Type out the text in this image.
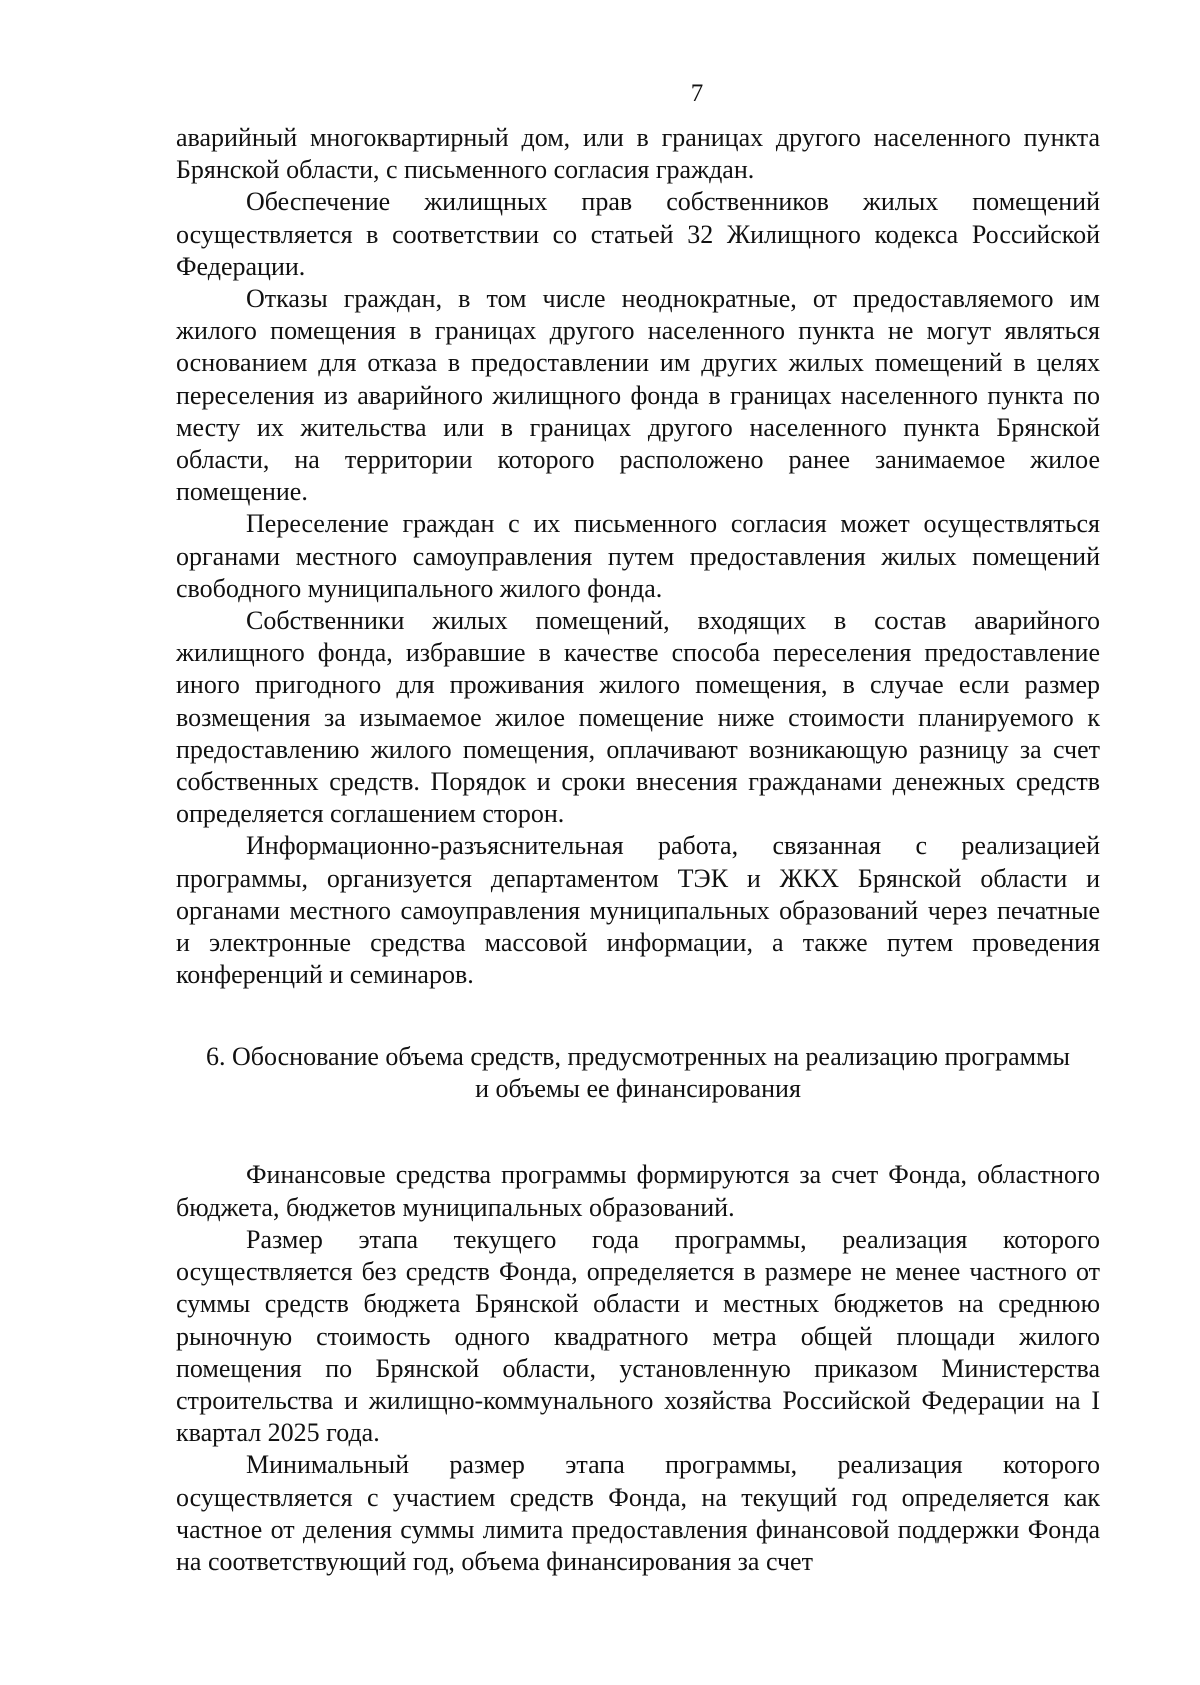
7

аварийный многоквартирный дом, или в границах другого населенного пункта Брянской области, с письменного согласия граждан.

Обеспечение жилищных прав собственников жилых помещений осуществляется в соответствии со статьей 32 Жилищного кодекса Российской Федерации.

Отказы граждан, в том числе неоднократные, от предоставляемого им жилого помещения в границах другого населенного пункта не могут являться основанием для отказа в предоставлении им других жилых помещений в целях переселения из аварийного жилищного фонда в границах населенного пункта по месту их жительства или в границах другого населенного пункта Брянской области, на территории которого расположено ранее занимаемое жилое помещение.

Переселение граждан с их письменного согласия может осуществляться органами местного самоуправления путем предоставления жилых помещений свободного муниципального жилого фонда.

Собственники жилых помещений, входящих в состав аварийного жилищного фонда, избравшие в качестве способа переселения предоставление иного пригодного для проживания жилого помещения, в случае если размер возмещения за изымаемое жилое помещение ниже стоимости планируемого к предоставлению жилого помещения, оплачивают возникающую разницу за счет собственных средств. Порядок и сроки внесения гражданами денежных средств определяется соглашением сторон.

Информационно-разъяснительная работа, связанная с реализацией программы, организуется департаментом ТЭК и ЖКХ Брянской области и органами местного самоуправления муниципальных образований через печатные и электронные средства массовой информации, а также путем проведения конференций и семинаров.

6. Обоснование объема средств, предусмотренных на реализацию программы
и объемы ее финансирования

Финансовые средства программы формируются за счет Фонда, областного бюджета, бюджетов муниципальных образований.

Размер этапа текущего года программы, реализация которого осуществляется без средств Фонда, определяется в размере не менее частного от суммы средств бюджета Брянской области и местных бюджетов на среднюю рыночную стоимость одного квадратного метра общей площади жилого помещения по Брянской области, установленную приказом Министерства строительства и жилищно-коммунального хозяйства Российской Федерации на I квартал 2025 года.

Минимальный размер этапа программы, реализация которого осуществляется с участием средств Фонда, на текущий год определяется как частное от деления суммы лимита предоставления финансовой поддержки Фонда на соответствующий год, объема финансирования за счет
